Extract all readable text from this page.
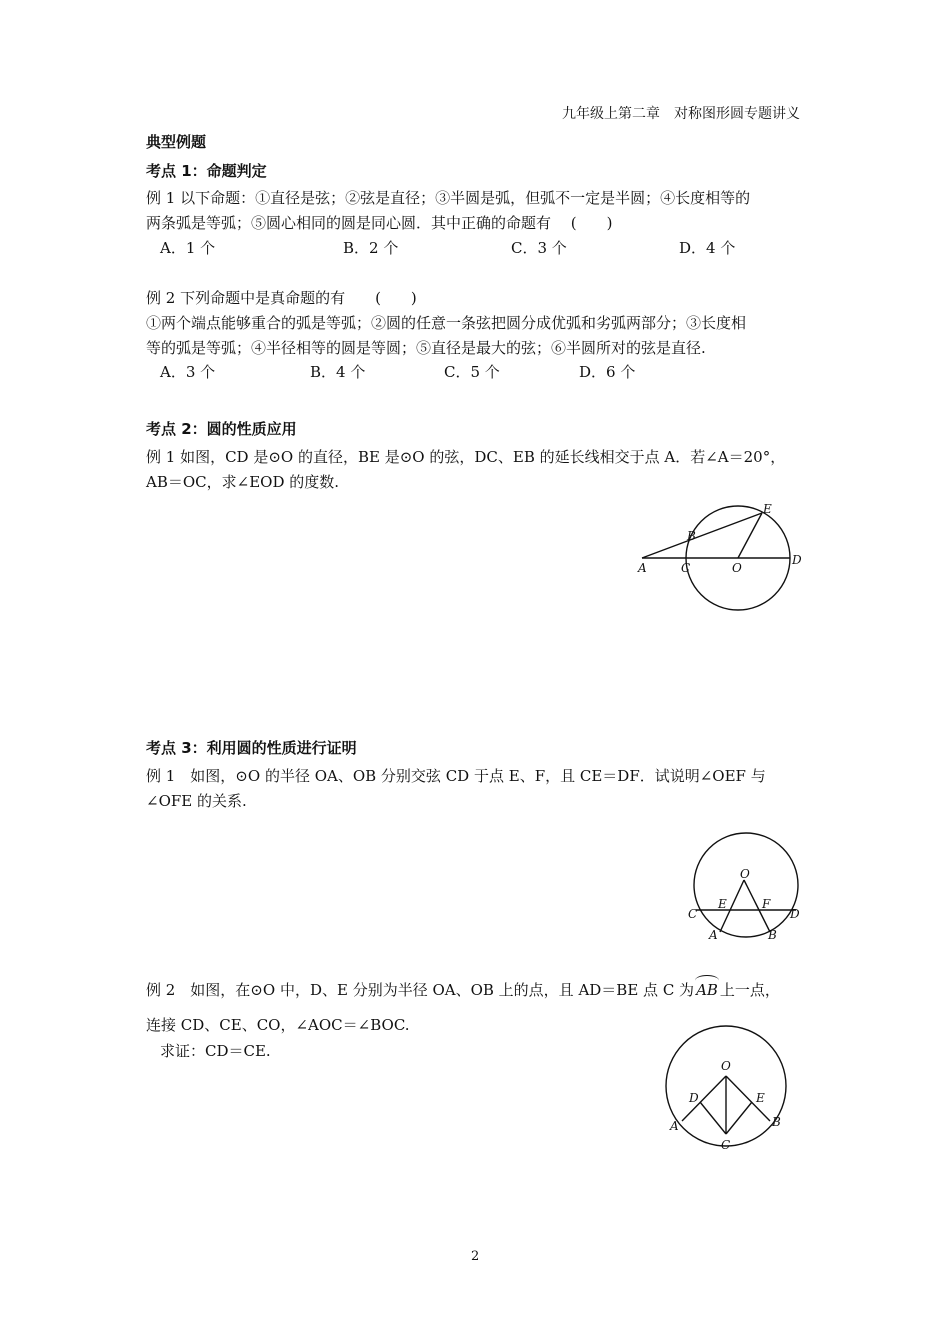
九年级上第二章　对称图形圆专题讲义
典型例题
考点 1：命题判定
例 1 以下命题：①直径是弦；②弦是直径；③半圆是弧，但弧不一定是半圆；④长度相等的
两条弧是等弧；⑤圆心相同的圆是同心圆．其中正确的命题有　 (　　)
A．1 个	B．2 个	C．3 个	D．4 个
例 2 下列命题中是真命题的有　　(　　)
①两个端点能够重合的弧是等弧；②圆的任意一条弦把圆分成优弧和劣弧两部分；③长度相
等的弧是等弧；④半径相等的圆是等圆；⑤直径是最大的弦；⑥半圆所对的弦是直径.
A．3 个	B．4 个	C．5 个	D．6 个
考点 2：圆的性质应用
例 1 如图，CD 是⊙O 的直径，BE 是⊙O 的弦，DC、EB 的延长线相交于点 A．若∠A＝20°，
AB＝OC，求∠EOD 的度数.
A
B
C	O
D
E
考点 3：利用圆的性质进行证明
例 1　如图，⊙O 的半径 OA、OB 分别交弦 CD 于点 E、F，且 CE＝DF．试说明∠OEF 与
∠OFE 的关系.
O
C
E	F
D
A	B
例 2　如图，在⊙O 中，D、E 分别为半径 OA、OB 上的点，且 AD＝BE 点 C 为 AB 上一点，
连接 CD、CE、CO，∠AOC＝∠BOC.
求证：CD＝CE.
O
D	E
A	B
C
2
